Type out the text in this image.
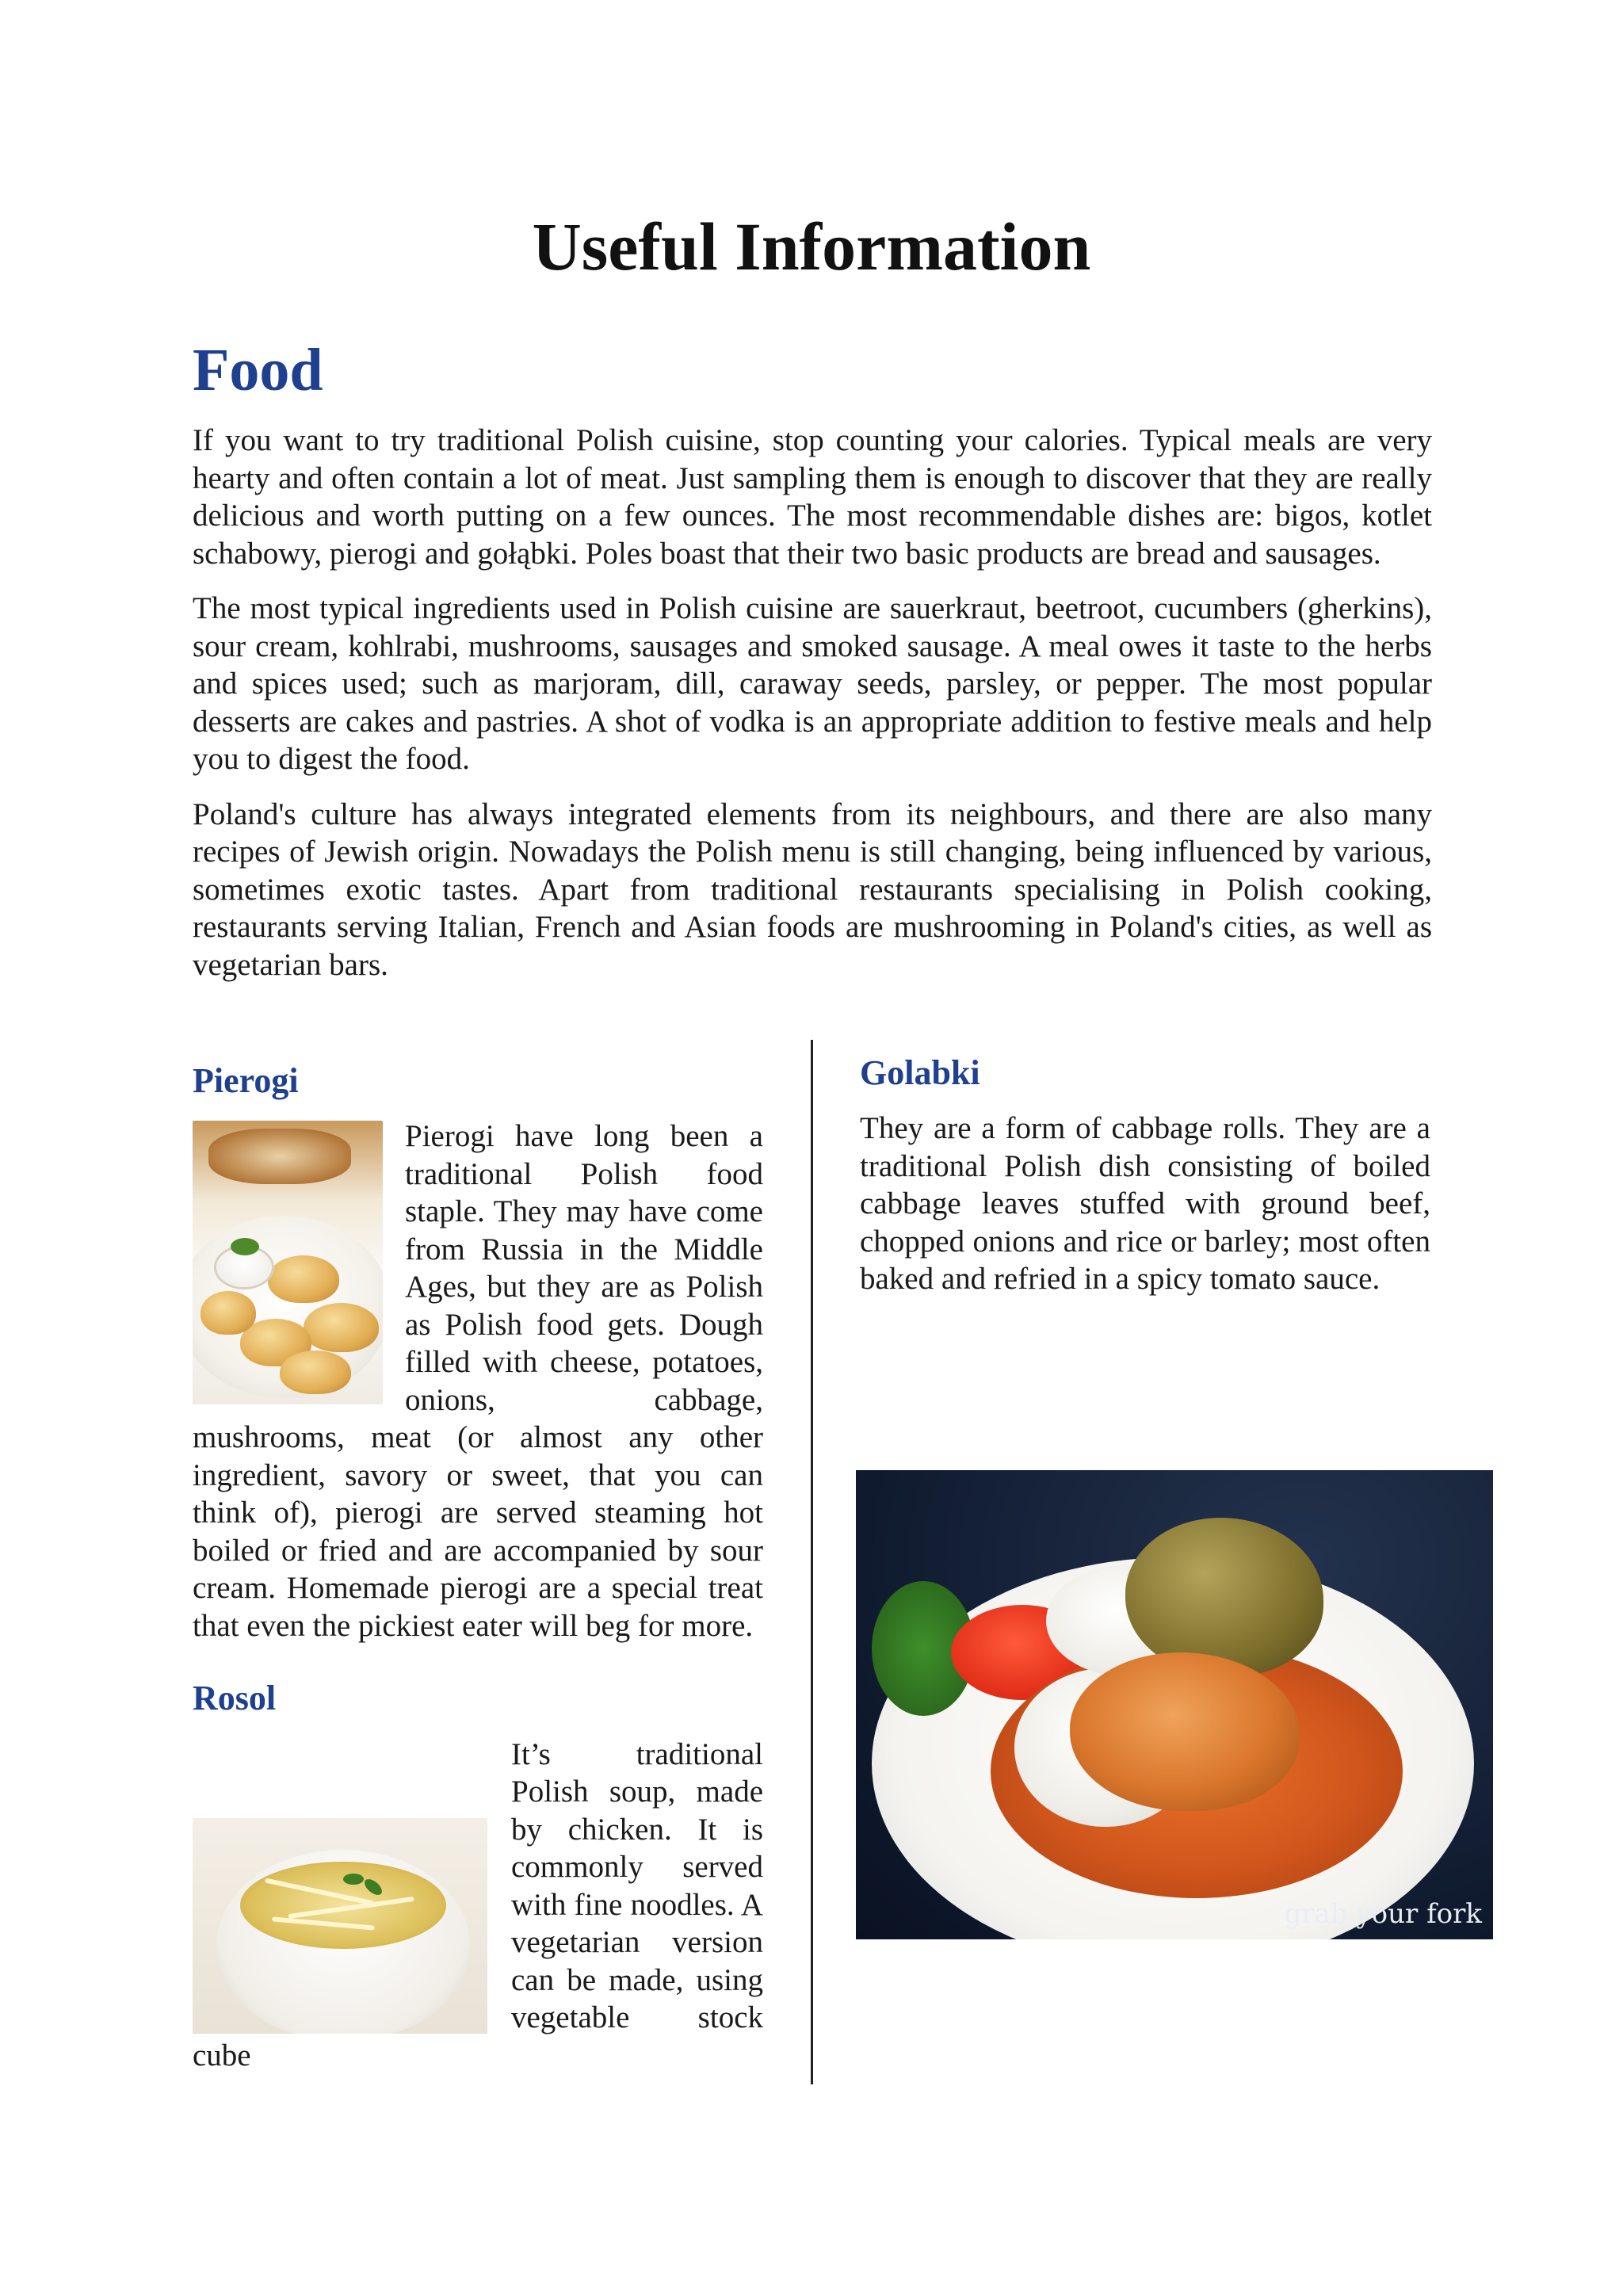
Useful Information
Food

If you want to try traditional Polish cuisine, stop counting your calories. Typical meals are very hearty and often contain a lot of meat. Just sampling them is enough to discover that they are really delicious and worth putting on a few ounces. The most recommendable dishes are: bigos, kotlet schabowy, pierogi and gołąbki. Poles boast that their two basic products are bread and sausages.

The most typical ingredients used in Polish cuisine are sauerkraut, beetroot, cucumbers (gherkins), sour cream, kohlrabi, mushrooms, sausages and smoked sausage. A meal owes it taste to the herbs and spices used; such as marjoram, dill, caraway seeds, parsley, or pepper. The most popular desserts are cakes and pastries. A shot of vodka is an appropriate addition to festive meals and help you to digest the food.

Poland's culture has always integrated elements from its neighbours, and there are also many recipes of Jewish origin. Nowadays the Polish menu is still changing, being influenced by various, sometimes exotic tastes. Apart from traditional restaurants specialising in Polish cooking, restaurants serving Italian, French and Asian foods are mushrooming in Poland's cities, as well as vegetarian bars.

Pierogi

Pierogi have long been a traditional Polish food staple. They may have come from Russia in the Middle Ages, but they are as Polish as Polish food gets. Dough filled with cheese, potatoes, onions, cabbage, mushrooms, meat (or almost any other ingredient, savory or sweet, that you can think of), pierogi are served steaming hot boiled or fried and are accompanied by sour cream. Homemade pierogi are a special treat that even the pickiest eater will beg for more.

Rosol

It’s traditional Polish soup, made by chicken. It is commonly served with fine noodles. A vegetarian version can be made, using vegetable stock cube

Golabki

They are a form of cabbage rolls. They are a traditional Polish dish consisting of boiled cabbage leaves stuffed with ground beef, chopped onions and rice or barley; most often baked and refried in a spicy tomato sauce.

grab your fork
